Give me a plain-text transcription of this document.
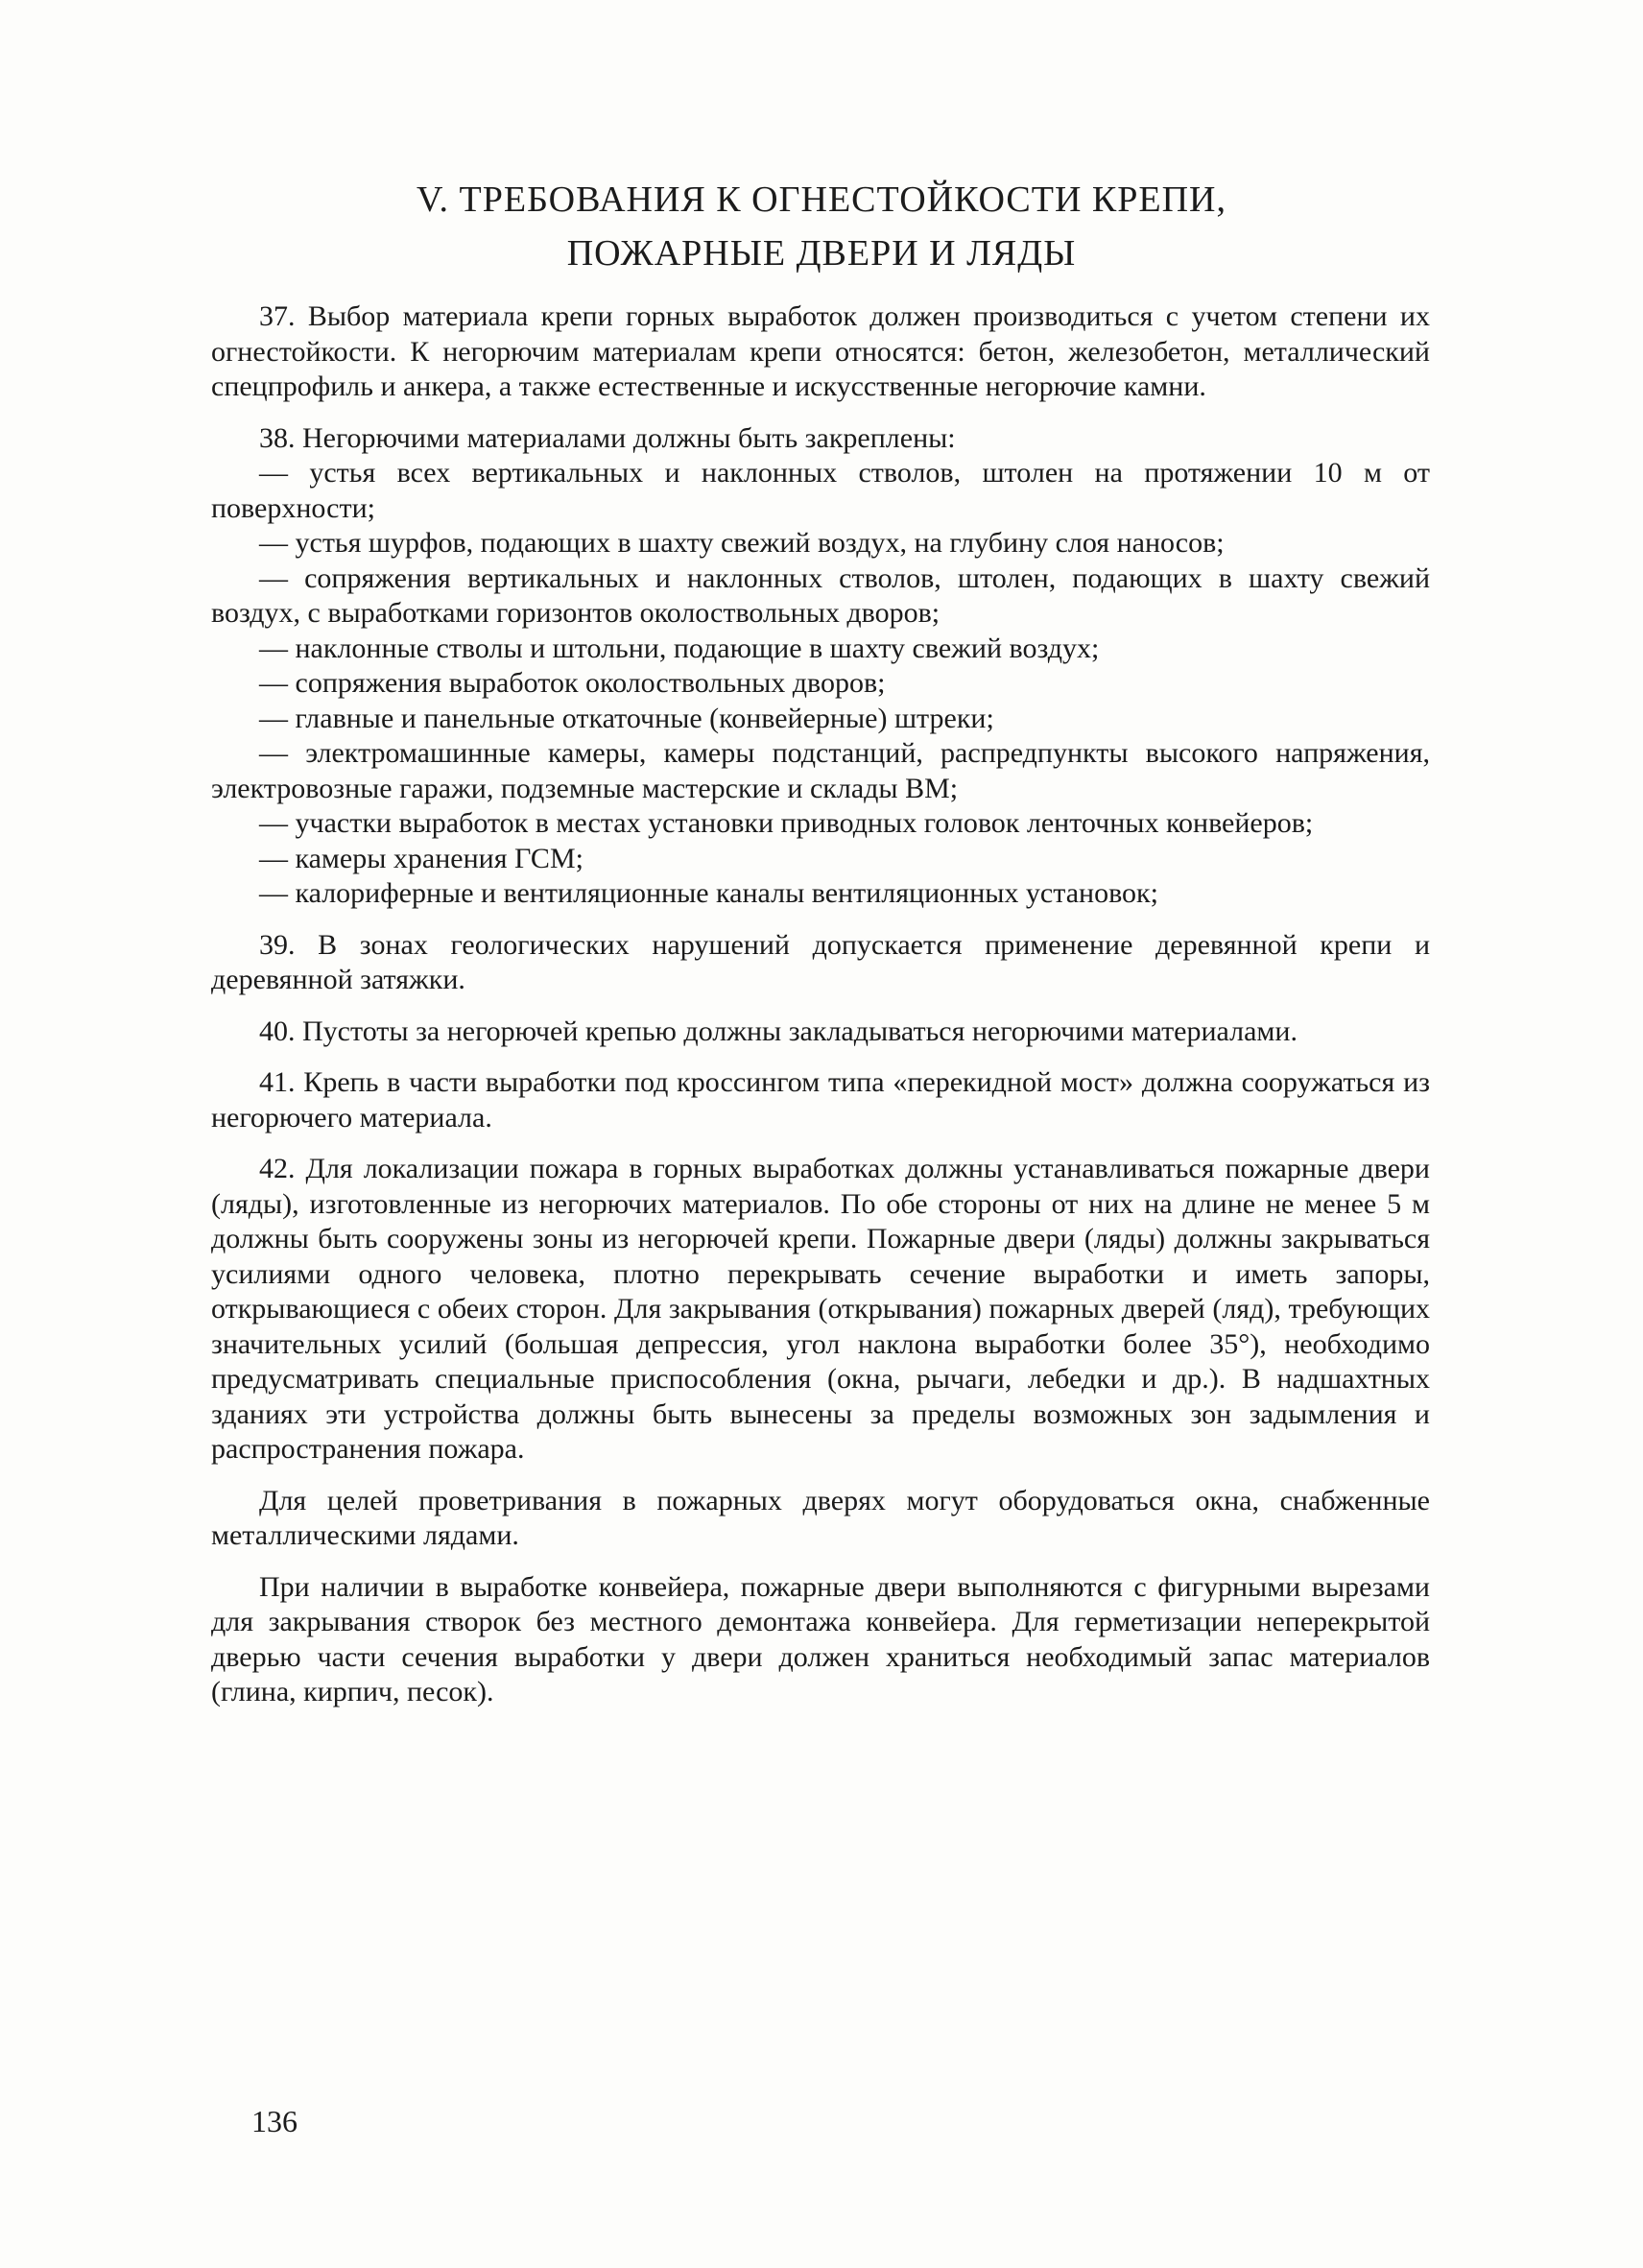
V. ТРЕБОВАНИЯ К ОГНЕСТОЙКОСТИ КРЕПИ,
ПОЖАРНЫЕ ДВЕРИ И ЛЯДЫ

37. Выбор материала крепи горных выработок должен производиться с учетом степени их огнестойкости. К негорючим материалам крепи относятся: бетон, железобетон, металлический спецпрофиль и анкера, а также естественные и искусственные негорючие камни.

38. Негорючими материалами должны быть закреплены:

— устья всех вертикальных и наклонных стволов, штолен на протяжении 10 м от поверхности;

— устья шурфов, подающих в шахту свежий воздух, на глубину слоя наносов;

— сопряжения вертикальных и наклонных стволов, штолен, подающих в шахту свежий воздух, с выработками горизонтов околоствольных дворов;

— наклонные стволы и штольни, подающие в шахту свежий воздух;

— сопряжения выработок околоствольных дворов;

— главные и панельные откаточные (конвейерные) штреки;

— электромашинные камеры, камеры подстанций, распредпункты высокого напряжения, электровозные гаражи, подземные мастерские и склады ВМ;

— участки выработок в местах установки приводных головок ленточных конвейеров;

— камеры хранения ГСМ;

— калориферные и вентиляционные каналы вентиляционных установок;

39. В зонах геологических нарушений допускается применение деревянной крепи и деревянной затяжки.

40. Пустоты за негорючей крепью должны закладываться негорючими материалами.

41. Крепь в части выработки под кроссингом типа «перекидной мост» должна сооружаться из негорючего материала.

42. Для локализации пожара в горных выработках должны устанавливаться пожарные двери (ляды), изготовленные из негорючих материалов. По обе стороны от них на длине не менее 5 м должны быть сооружены зоны из негорючей крепи. Пожарные двери (ляды) должны закрываться усилиями одного человека, плотно перекрывать сечение выработки и иметь запоры, открывающиеся с обеих сторон. Для закрывания (открывания) пожарных дверей (ляд), требующих значительных усилий (большая депрессия, угол наклона выработки более 35°), необходимо предусматривать специальные приспособления (окна, рычаги, лебедки и др.). В надшахтных зданиях эти устройства должны быть вынесены за пределы возможных зон задымления и распространения пожара.

Для целей проветривания в пожарных дверях могут оборудоваться окна, снабженные металлическими лядами.

При наличии в выработке конвейера, пожарные двери выполняются с фигурными вырезами для закрывания створок без местного демонтажа конвейера. Для герметизации неперекрытой дверью части сечения выработки у двери должен храниться необходимый запас материалов (глина, кирпич, песок).

136
